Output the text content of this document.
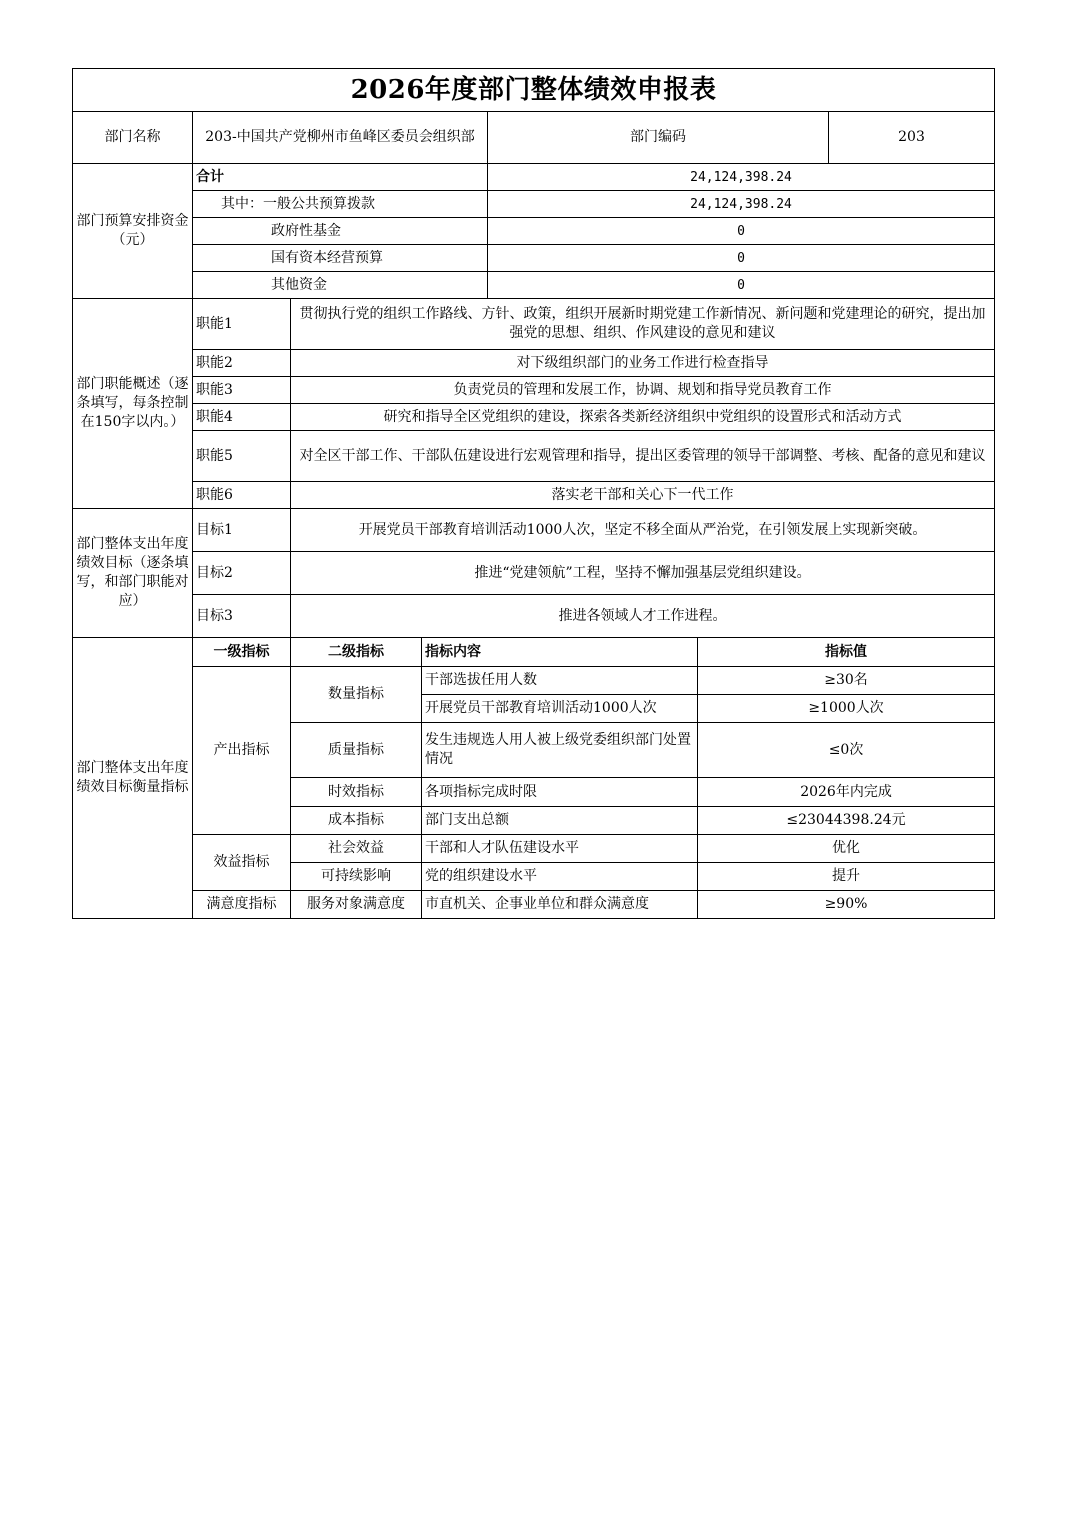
2026年度部门整体绩效申报表						
部门名称	203-中国共产党柳州市鱼峰区委员会组织部			部门编码		203
部门预算安排资金（元）	合计			24,124,398.24		
	其中：一般公共预算拨款			24,124,398.24		
	政府性基金			0		
	国有资本经营预算			0		
	其他资金			0		
部门职能概述（逐条填写，每条控制在150字以内。）	职能1	贯彻执行党的组织工作路线、方针、政策，组织开展新时期党建工作新情况、新问题和党建理论的研究，提出加强党的思想、组织、作风建设的意见和建议				
	职能2	对下级组织部门的业务工作进行检查指导				
	职能3	负责党员的管理和发展工作，协调、规划和指导党员教育工作				
	职能4	研究和指导全区党组织的建设，探索各类新经济组织中党组织的设置形式和活动方式				
	职能5	对全区干部工作、干部队伍建设进行宏观管理和指导，提出区委管理的领导干部调整、考核、配备的意见和建议				
	职能6	落实老干部和关心下一代工作				
部门整体支出年度绩效目标（逐条填写，和部门职能对应）	目标1	开展党员干部教育培训活动1000人次，坚定不移全面从严治党，在引领发展上实现新突破。				
	目标2	推进“党建领航”工程，坚持不懈加强基层党组织建设。				
	目标3	推进各领域人才工作进程。				
部门整体支出年度绩效目标衡量指标	一级指标	二级指标	指标内容		指标值	
	产出指标	数量指标	干部选拔任用人数		≥30名	
			开展党员干部教育培训活动1000人次		≥1000人次	
		质量指标	发生违规选人用人被上级党委组织部门处置情况		≤0次	
		时效指标	各项指标完成时限		2026年内完成	
		成本指标	部门支出总额		≤23044398.24元	
	效益指标	社会效益	干部和人才队伍建设水平		优化	
		可持续影响	党的组织建设水平		提升	
	满意度指标	服务对象满意度	市直机关、企事业单位和群众满意度		≥90%	
